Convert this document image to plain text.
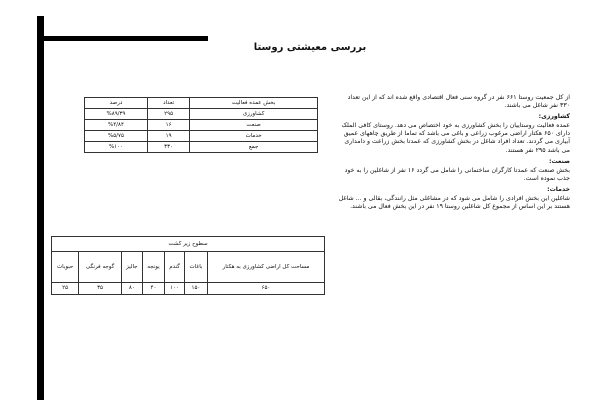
بررسی معیشتی روستا

از کل جمعیت روستا ۶۶۱ نفر در گروه سنی فعال اقتصادی واقع شده اند که از این تعداد ۳۳۰ نفر شاغل می باشند.

کشاورزی:

عمده فعالیت روستاییان را بخش کشاورزی به خود اختصاص می دهد. روستای کافی الملک دارای ۶۵۰ هکتار اراضی مرغوب زراعی و باغی می باشد که تماما از طریق چاههای عمیق آبیاری می گردند. تعداد افراد شاغل در بخش کشاورزی که عمدتا بخش زراعت و دامداری می باشد ۲۹۵ نفر هستند.

صنعت:

بخش صنعت که عمدتا کارگران ساختمانی را شامل می گردد ۱۶ نفر از شاغلین را به خود جذب نموده است.

خدمات:

شاغلین این بخش افرادی را شامل می شود که در مشاغلی مثل رانندگی، بقالی و ... شاغل هستند بر این اساس از مجموع کل شاغلین روستا ۱۹ نفر در این بخش فعال می باشند.

بخش عمده فعالیت	تعداد	درصد
کشاورزی	۲۹۵	%۸۹/۳۹
صنعت	۱۶	%۴/۸۴
خدمات	۱۹	%۵/۷۵
جمع	۳۳۰	%۱۰۰
سطوح زیر کشت						
مساحت کل اراضی کشاورزی به هکتار	باغات	گندم	یونجه	جالیز	گوجه فرنگی	حبوبات
۶۵۰	۱۵۰	۱۰۰	۴۰	۸۰	۳۵	۲۵
